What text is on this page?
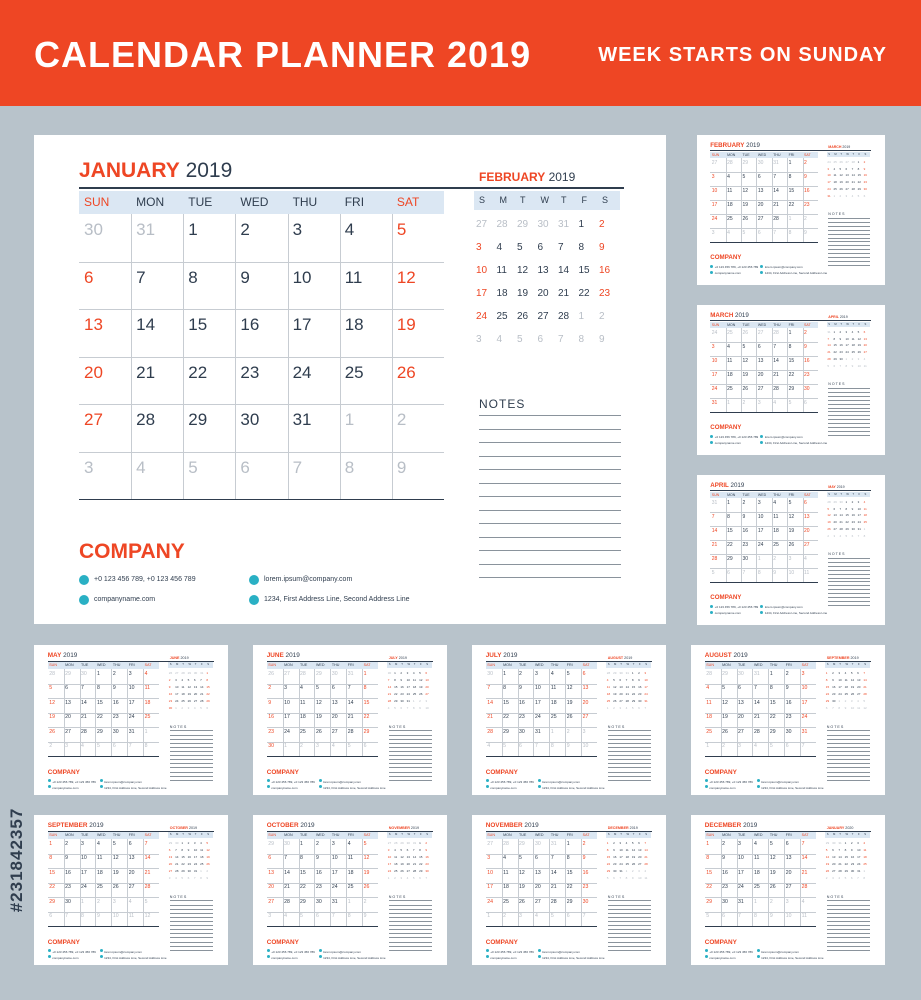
CALENDAR PLANNER 2019	WEEK STARTS ON SUNDAY
#231842357
JANUARY 2019
SUN MON TUE WED THU FRI	SAT
30 31 1	2	3	4	5
6	7	8	9	10 11 12
13 14 15 16 17 18 19
20 21 22 23 24 25 26
27 28 29 30 31 1	2
3	4	5	6	7	8	9
FEBRUARY 2019
S M T W T F S
27 28 29 30 31 1	2
3	4	5	6	7	8	9
10 11	12 13 14 15 16
17 18 19 20 21 22 23
24 25 26 27 28 1	2
3	4	5	6	7	8	9
NOTES
COMPANY
+0 123 456 789, +0 123 456 789	lorem.ipsum@company.com
companyname.com	1234, First Address Line, Second Address Line
FEBRUARY 2019
SUN MON TUE WED THU FRI	SAT
27 28 29 30 31 1	2
3	4	5	6	7	8	9
10 11 12 13 14 15 16
17 18 19 20 21 22 23
24 25 26 27 28 1	2
3	4	5	6	7	8	9
MARCH 2019
S M T W T F S
24 25 26 27 28 1	2
3	4	5	6	7	8	9
10 11	12 13 14 15 16
17 18 19 20 21 22 23
24 25 26 27 28 29 30
31 1	2	3	4	5	6
NOTES
COMPANY
+0 123 456 789, +0 123 456 789 lorem.ipsum@company.com
companyname.com	1234, First Address Line, Second Address Line
MARCH 2019
SUN MON TUE WED THU FRI	SAT
24 25 26 27 28 1	2
3	4	5	6	7	8	9
10 11 12 13 14 15 16
17 18 19 20 21 22 23
24 25 26 27 28 29 30
31 1	2	3	4	5	6
APRIL 2019
S M T W T F S
31 1	2	3	4	5	6
7	8	9	10 11	12 13
14 15 16 17 18 19 20
21 22 23 24 25 26 27
28 29 30 1	2	3	4
5	6	7	8	9	10 11
NOTES
COMPANY
+0 123 456 789, +0 123 456 789 lorem.ipsum@company.com
companyname.com	1234, First Address Line, Second Address Line
APRIL 2019
SUN MON TUE WED THU FRI	SAT
31 1	2	3	4	5	6
7	8	9	10 11 12 13
14 15 16 17 18 19 20
21 22 23 24 25 26 27
28 29 30 1	2	3	4
5	6	7	8	9	10 11
MAY 2019
S M T W T F S
28 29 30 1	2	3	4
5	6	7	8	9	10 11
12 13 14 15 16 17 18
19 20 21 22 23 24 25
26 27 28 29 30 31 1
2	3	4	5	6	7	8
NOTES
COMPANY
+0 123 456 789, +0 123 456 789 lorem.ipsum@company.com
companyname.com	1234, First Address Line, Second Address Line
MAY 2019
SUN MON TUE WED THU FRI	SAT
28 29 30 1	2	3	4
5	6	7	8	9	10 11
12 13 14 15 16 17 18
19 20 21 22 23 24 25
26 27 28 29 30 31 1
2	3	4	5	6	7	8
JUNE 2019
S M T W T F S
26 27 28 29 30 31 1
2	3	4	5	6	7	8
9	10 11	12 13 14 15
16 17 18 19 20 21 22
23 24 25 26 27 28 29
30 1	2	3	4	5	6
NOTES
COMPANY
+0 123 456 789, +0 123 456 789	lorem.ipsum@company.com
companyname.com	1234, First Address Line, Second Address Line
JUNE 2019
SUN MON TUE WED THU FRI	SAT
26 27 28 29 30 31 1
2	3	4	5	6	7	8
9	10 11 12 13 14 15
16 17 18 19 20 21 22
23 24 25 26 27 28 29
30 1	2	3	4	5	6
JULY 2019
S M T W T F S
30 1	2	3	4	5	6
7	8	9	10 11	12 13
14 15 16 17 18 19 20
21 22 23 24 25 26 27
28 29 30 31 1	2	3
4	5	6	7	8	9	10
NOTES
COMPANY
+0 123 456 789, +0 123 456 789	lorem.ipsum@company.com
companyname.com	1234, First Address Line, Second Address Line
JULY 2019
SUN MON TUE WED THU FRI	SAT
30 1	2	3	4	5	6
7	8	9	10 11 12 13
14 15 16 17 18 19 20
21 22 23 24 25 26 27
28 29 30 31 1	2	3
4	5	6	7	8	9	10
AUGUST 2019
S M T W T F S
28 29 30 31 1	2	3
4	5	6	7	8	9	10
11	12 13 14 15 16 17
18 19 20 21 22 23 24
25 26 27 28 29 30 31
1	2	3	4	5	6	7
NOTES
COMPANY
+0 123 456 789, +0 123 456 789	lorem.ipsum@company.com
companyname.com	1234, First Address Line, Second Address Line
AUGUST 2019
SUN MON TUE WED THU FRI	SAT
28 29 30 31 1	2	3
4	5	6	7	8	9	10
11 12 13 14 15 16 17
18 19 20 21 22 23 24
25 26 27 28 29 30 31
1	2	3	4	5	6	7
SEPTEMBER 2019
S M T W T F S
1	2	3	4	5	6	7
8	9	10 11	12 13 14
15 16 17 18 19 20 21
22 23 24 25 26 27 28
29 30 1	2	3	4	5
6	7	8	9	10 11	12
NOTES
COMPANY
+0 123 456 789, +0 123 456 789	lorem.ipsum@company.com
companyname.com	1234, First Address Line, Second Address Line
SEPTEMBER 2019
SUN MON TUE WED THU FRI	SAT
1	2	3	4	5	6	7
8	9	10 11 12 13 14
15 16 17 18 19 20 21
22 23 24 25 26 27 28
29 30 1	2	3	4	5
6	7	8	9	10 11 12
OCTOBER 2019
S M T W T F S
29 30 1	2	3	4	5
6	7	8	9	10 11	12
13 14 15 16 17 18 19
20 21 22 23 24 25 26
27 28 29 30 31 1	2
3	4	5	6	7	8	9
NOTES
COMPANY
+0 123 456 789, +0 123 456 789	lorem.ipsum@company.com
companyname.com	1234, First Address Line, Second Address Line
OCTOBER 2019
SUN MON TUE WED THU FRI	SAT
29 30 1	2	3	4	5
6	7	8	9	10 11 12
13 14 15 16 17 18 19
20 21 22 23 24 25 26
27 28 29 30 31 1	2
3	4	5	6	7	8	9
NOVEMBER 2019
S M T W T F S
27 28 29 30 31 1	2
3	4	5	6	7	8	9
10 11	12 13 14 15 16
17 18 19 20 21 22 23
24 25 26 27 28 29 30
1	2	3	4	5	6	7
NOTES
COMPANY
+0 123 456 789, +0 123 456 789	lorem.ipsum@company.com
companyname.com	1234, First Address Line, Second Address Line
NOVEMBER 2019
SUN MON TUE WED THU FRI	SAT
27 28 29 30 31 1	2
3	4	5	6	7	8	9
10 11 12 13 14 15 16
17 18 19 20 21 22 23
24 25 26 27 28 29 30
1	2	3	4	5	6	7
DECEMBER 2019
S M T W T F S
1	2	3	4	5	6	7
8	9	10 11	12 13 14
15 16 17 18 19 20 21
22 23 24 25 26 27 28
29 30 31 1	2	3	4
5	6	7	8	9	10 11
NOTES
COMPANY
+0 123 456 789, +0 123 456 789	lorem.ipsum@company.com
companyname.com	1234, First Address Line, Second Address Line
DECEMBER 2019
SUN MON TUE WED THU FRI	SAT
1	2	3	4	5	6	7
8	9	10 11 12 13 14
15 16 17 18 19 20 21
22 23 24 25 26 27 28
29 30 31 1	2	3	4
5	6	7	8	9	10 11
JANUARY 2020
S M T W T F S
29 30 31 1	2	3	4
5	6	7	8	9	10 11
12 13 14 15 16 17 18
19 20 21 22 23 24 25
26 27 28 29 30 31 1
2	3	4	5	6	7	8
NOTES
COMPANY
+0 123 456 789, +0 123 456 789	lorem.ipsum@company.com
companyname.com	1234, First Address Line, Second Address Line
